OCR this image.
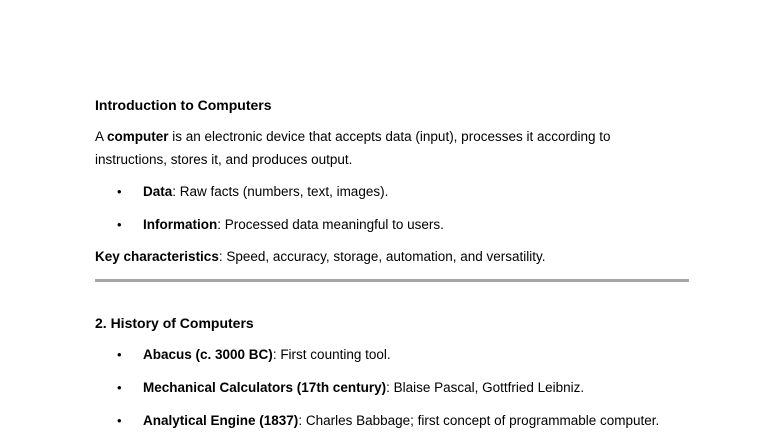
Introduction to Computers
A computer is an electronic device that accepts data (input), processes it according to instructions, stores it, and produces output.
• Data: Raw facts (numbers, text, images).
• Information: Processed data meaningful to users.
Key characteristics: Speed, accuracy, storage, automation, and versatility.
2. History of Computers
• Abacus (c. 3000 BC): First counting tool.
• Mechanical Calculators (17th century): Blaise Pascal, Gottfried Leibniz.
• Analytical Engine (1837): Charles Babbage; first concept of programmable computer.
